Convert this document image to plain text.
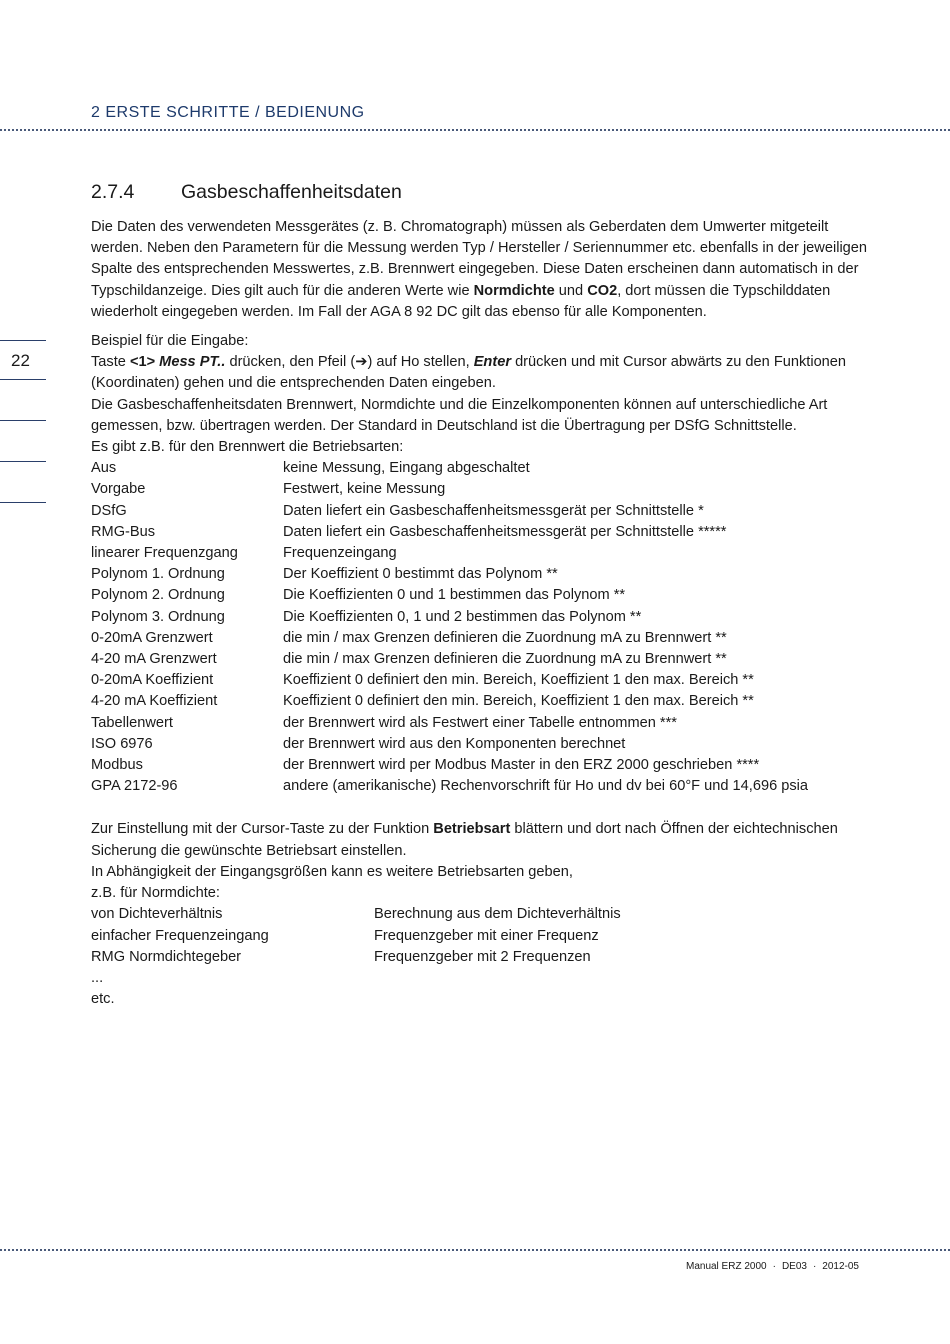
2 ERSTE SCHRITTE / BEDIENUNG
22
2.7.4 Gasbeschaffenheitsdaten

Die Daten des verwendeten Messgerätes (z. B. Chromatograph) müssen als Geberdaten dem Umwerter mitgeteilt werden. Neben den Parametern für die Messung werden Typ / Hersteller / Seriennummer etc. ebenfalls in der jeweiligen Spalte des entsprechenden Messwertes, z.B. Brennwert eingegeben. Diese Daten erscheinen dann automatisch in der Typschildanzeige. Dies gilt auch für die anderen Werte wie Normdichte und CO2, dort müssen die Typschilddaten wiederholt eingegeben werden. Im Fall der AGA 8 92 DC gilt das ebenso für alle Komponenten.

Beispiel für die Eingabe:

Taste <1> Mess PT.. drücken, den Pfeil (➔) auf Ho stellen, Enter drücken und mit Cursor abwärts zu den Funktionen (Koordinaten) gehen und die entsprechenden Daten eingeben.

Die Gasbeschaffenheitsdaten Brennwert, Normdichte und die Einzelkomponenten können auf unterschiedliche Art gemessen, bzw. übertragen werden. Der Standard in Deutschland ist die Übertragung per DSfG Schnittstelle.

Es gibt z.B. für den Brennwert die Betriebsarten:

Aus	keine Messung, Eingang abgeschaltet
Vorgabe	Festwert, keine Messung
DSfG	Daten liefert ein Gasbeschaffenheitsmessgerät per Schnittstelle *
RMG-Bus	Daten liefert ein Gasbeschaffenheitsmessgerät per Schnittstelle *****
linearer Frequenzgang	Frequenzeingang
Polynom 1. Ordnung	Der Koeffizient 0 bestimmt das Polynom **
Polynom 2. Ordnung	Die Koeffizienten 0 und 1 bestimmen das Polynom **
Polynom 3. Ordnung	Die Koeffizienten 0, 1 und 2 bestimmen das Polynom **
0-20mA Grenzwert	die min / max Grenzen definieren die Zuordnung mA zu Brennwert **
4-20 mA Grenzwert	die min / max Grenzen definieren die Zuordnung mA zu Brennwert **
0-20mA Koeffizient	Koeffizient 0 definiert den min. Bereich, Koeffizient 1 den max. Bereich **
4-20 mA Koeffizient	Koeffizient 0 definiert den min. Bereich, Koeffizient 1 den max. Bereich **
Tabellenwert	der Brennwert wird als Festwert einer Tabelle entnommen ***
ISO 6976	der Brennwert wird aus den Komponenten berechnet
Modbus	der Brennwert wird per Modbus Master in den ERZ 2000 geschrieben ****
GPA 2172-96	andere (amerikanische) Rechenvorschrift für Ho und dv bei 60°F und 14,696 psia

Zur Einstellung mit der Cursor-Taste zu der Funktion Betriebsart blättern und dort nach Öffnen der eichtechnischen Sicherung die gewünschte Betriebsart einstellen.

In Abhängigkeit der Eingangsgrößen kann es weitere Betriebsarten geben,

z.B. für Normdichte:

von Dichteverhältnis	Berechnung aus dem Dichteverhältnis
einfacher Frequenzeingang	Frequenzgeber mit einer Frequenz
RMG Normdichtegeber	Frequenzgeber mit 2 Frequenzen

...

etc.

Manual ERZ 2000 · DE03 · 2012-05
